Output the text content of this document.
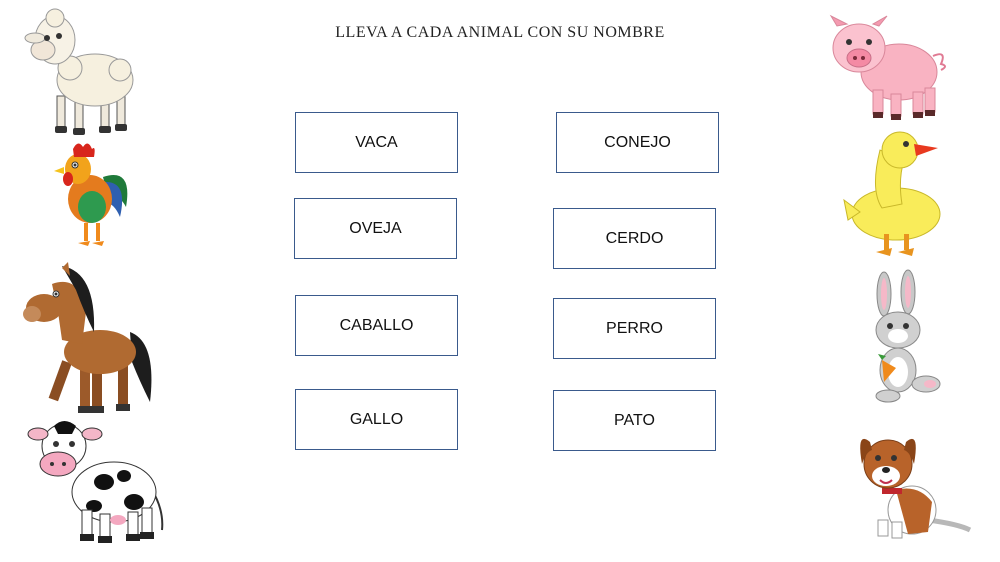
LLEVA A CADA ANIMAL CON SU NOMBRE
VACA
OVEJA
CABALLO
GALLO
CONEJO
CERDO
PERRO
PATO
